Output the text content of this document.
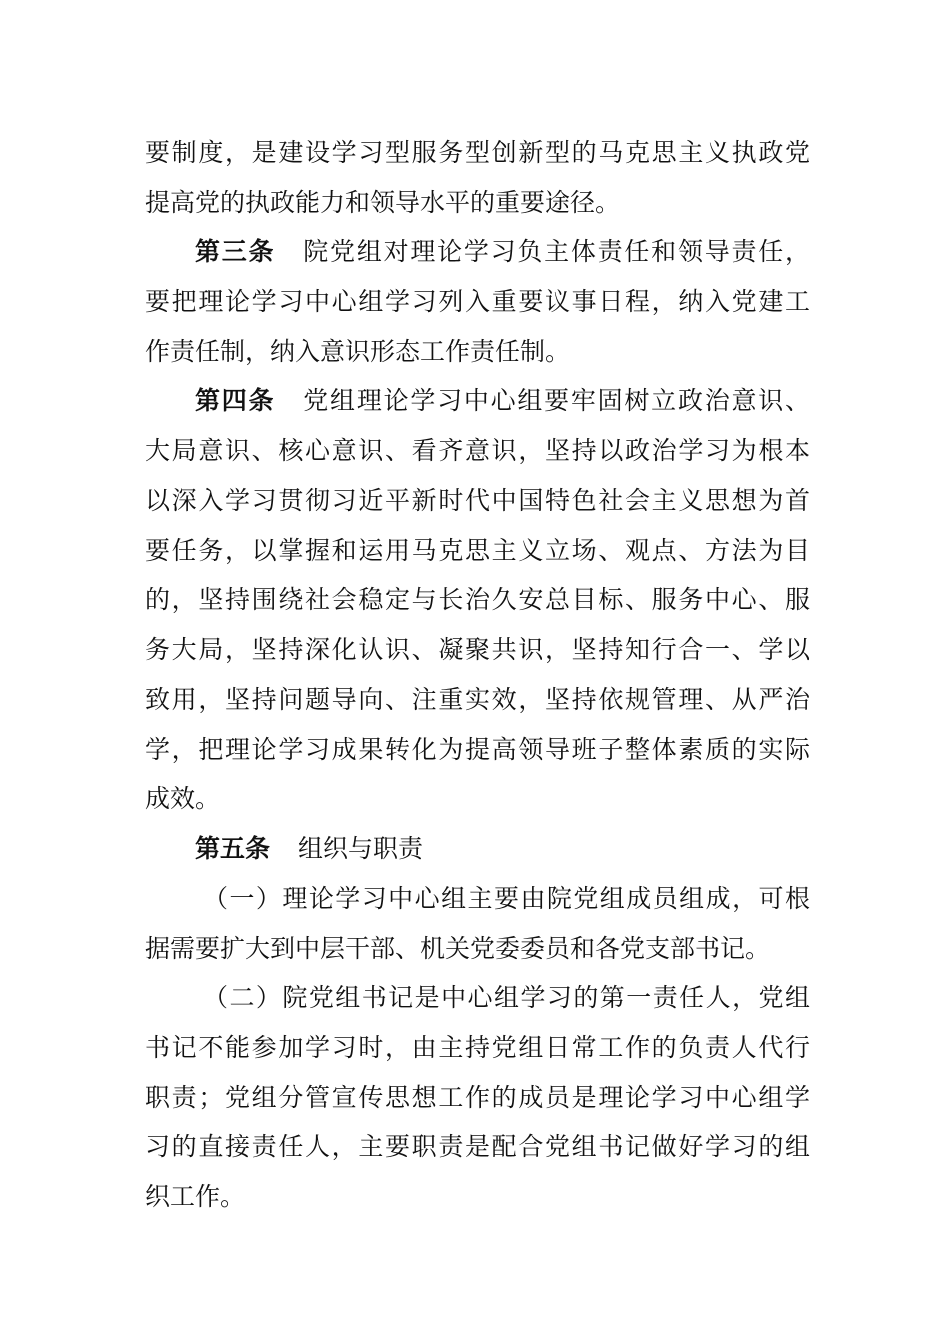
要制度，是建设学习型服务型创新型的马克思主义执政党
提高党的执政能力和领导水平的重要途径。
第三条 院党组对理论学习负主体责任和领导责任，
要把理论学习中心组学习列入重要议事日程，纳入党建工
作责任制，纳入意识形态工作责任制。
第四条 党组理论学习中心组要牢固树立政治意识、
大局意识、核心意识、看齐意识，坚持以政治学习为根本
以深入学习贯彻习近平新时代中国特色社会主义思想为首
要任务，以掌握和运用马克思主义立场、观点、方法为目
的，坚持围绕社会稳定与长治久安总目标、服务中心、服
务大局，坚持深化认识、凝聚共识，坚持知行合一、学以
致用，坚持问题导向、注重实效，坚持依规管理、从严治
学，把理论学习成果转化为提高领导班子整体素质的实际
成效。
第五条 组织与职责
（一）理论学习中心组主要由院党组成员组成，可根
据需要扩大到中层干部、机关党委委员和各党支部书记。
（二）院党组书记是中心组学习的第一责任人，党组
书记不能参加学习时，由主持党组日常工作的负责人代行
职责；党组分管宣传思想工作的成员是理论学习中心组学
习的直接责任人，主要职责是配合党组书记做好学习的组
织工作。
